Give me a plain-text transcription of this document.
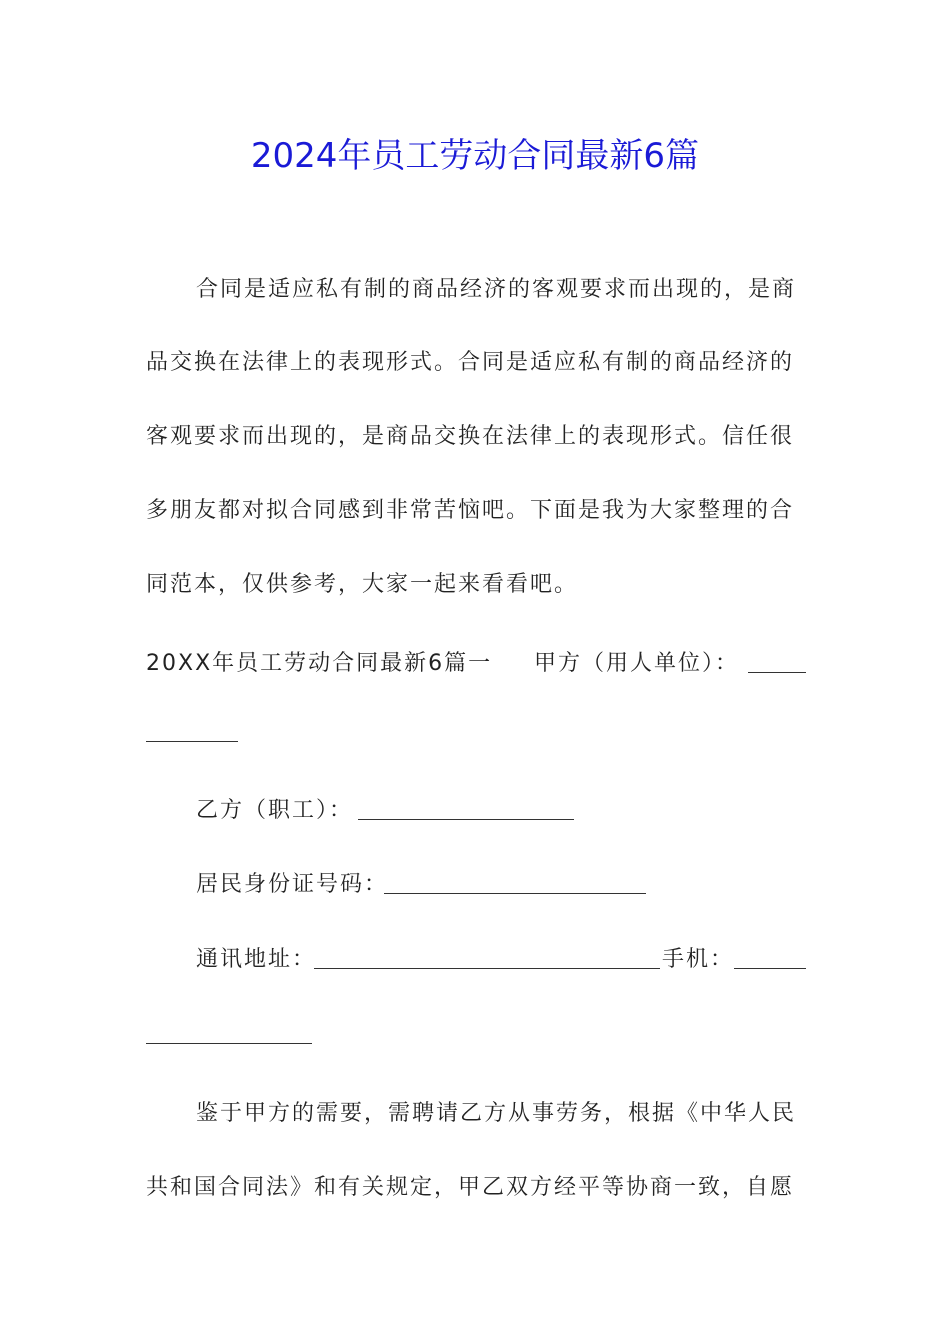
2024年员工劳动合同最新6篇
合同是适应私有制的商品经济的客观要求而出现的，是商
品交换在法律上的表现形式。合同是适应私有制的商品经济的
客观要求而出现的，是商品交换在法律上的表现形式。信任很
多朋友都对拟合同感到非常苦恼吧。下面是我为大家整理的合
同范本，仅供参考，大家一起来看看吧。
20XX年员工劳动合同最新6篇一 甲方（用人单位）：
乙方（职工）：
居民身份证号码：
通讯地址：	手机：
鉴于甲方的需要，需聘请乙方从事劳务，根据《中华人民
共和国合同法》和有关规定，甲乙双方经平等协商一致，自愿
